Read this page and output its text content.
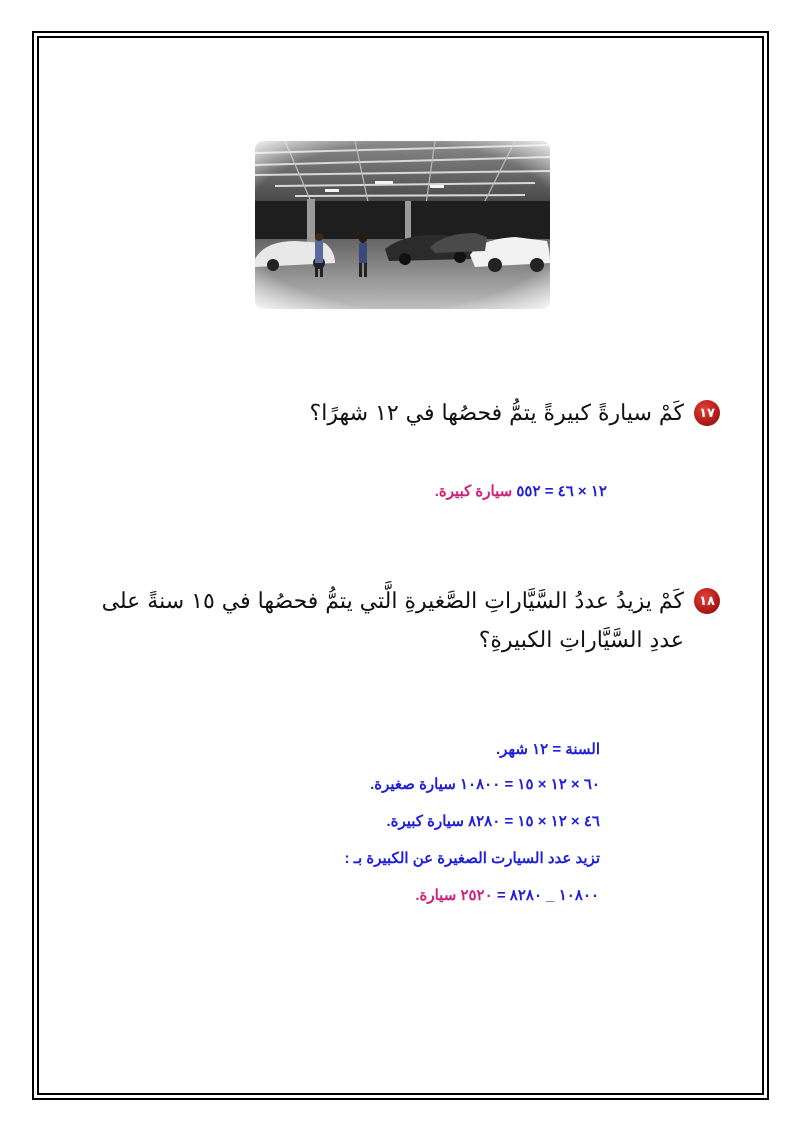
١٧
كَمْ سيارةً كبيرةً يتمُّ فحصُها في ١٢ شهرًا؟
١٢ × ٤٦ = ٥٥٢ سيارة كبيرة.
١٨
كَمْ يزيدُ عددُ السَّيَّاراتِ الصَّغيرةِ الَّتي يتمُّ فحصُها في ١٥ سنةً على
عددِ السَّيَّاراتِ الكبيرةِ؟
السنة = ١٢ شهر.
٦٠ × ١٢ × ١٥ = ١٠٨٠٠ سيارة صغيرة.
٤٦ × ١٢ × ١٥ = ٨٢٨٠ سيارة كبيرة.
تزيد عدد السيارت الصغيرة عن الكبيرة بـ :
١٠٨٠٠ _ ٨٢٨٠ = ٢٥٢٠ سيارة.
